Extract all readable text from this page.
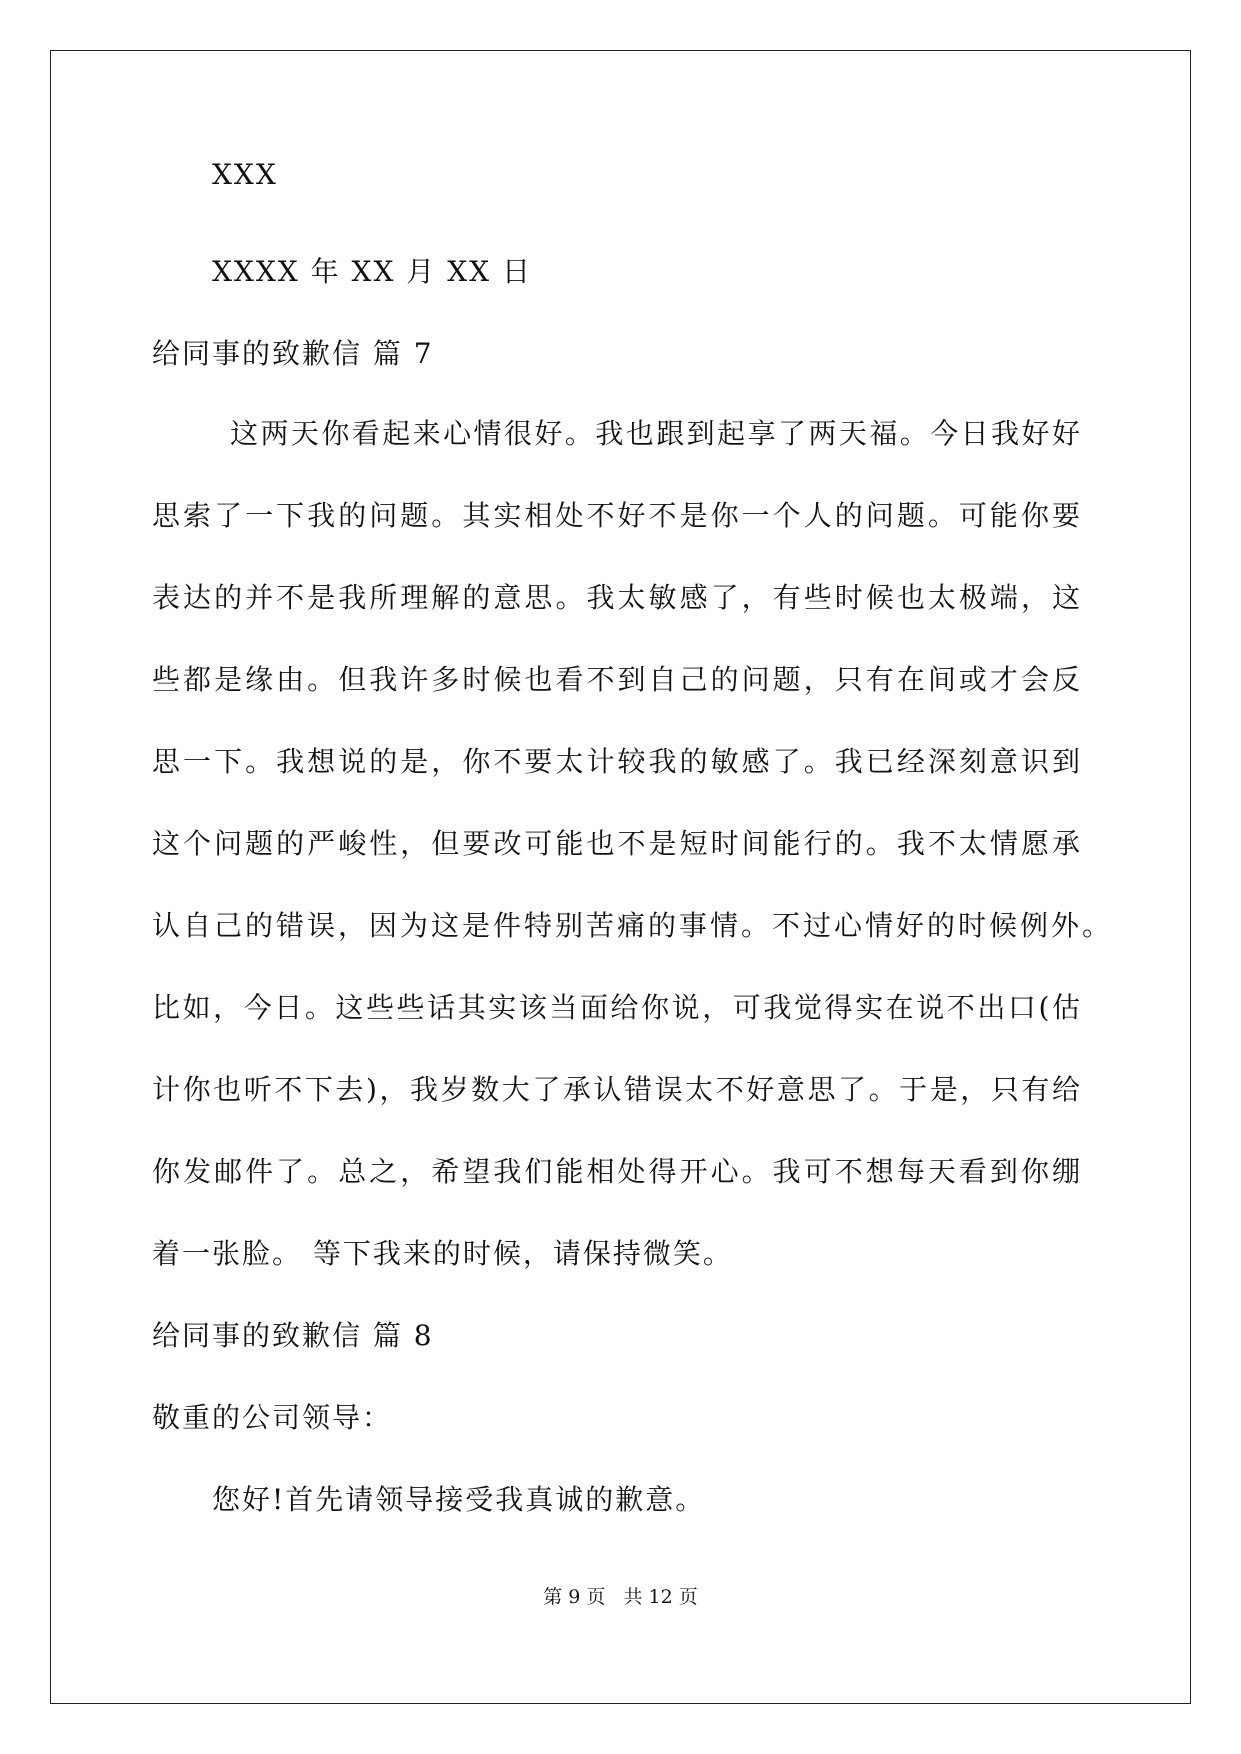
XXX
XXXX 年 XX 月 XX 日
给同事的致歉信 篇 7
这两天你看起来心情很好。我也跟到起享了两天福。今日我好好
思索了一下我的问题。其实相处不好不是你一个人的问题。可能你要
表达的并不是我所理解的意思。我太敏感了，有些时候也太极端，这
些都是缘由。但我许多时候也看不到自己的问题，只有在间或才会反
思一下。我想说的是，你不要太计较我的敏感了。我已经深刻意识到
这个问题的严峻性，但要改可能也不是短时间能行的。我不太情愿承
认自己的错误，因为这是件特别苦痛的事情。不过心情好的时候例外。
比如，今日。这些些话其实该当面给你说，可我觉得实在说不出口(估
计你也听不下去)，我岁数大了承认错误太不好意思了。于是，只有给
你发邮件了。总之，希望我们能相处得开心。我可不想每天看到你绷
着一张脸。 等下我来的时候，请保持微笑。
给同事的致歉信 篇 8
敬重的公司领导：
您好!首先请领导接受我真诚的歉意。
第 9 页   共 12 页
